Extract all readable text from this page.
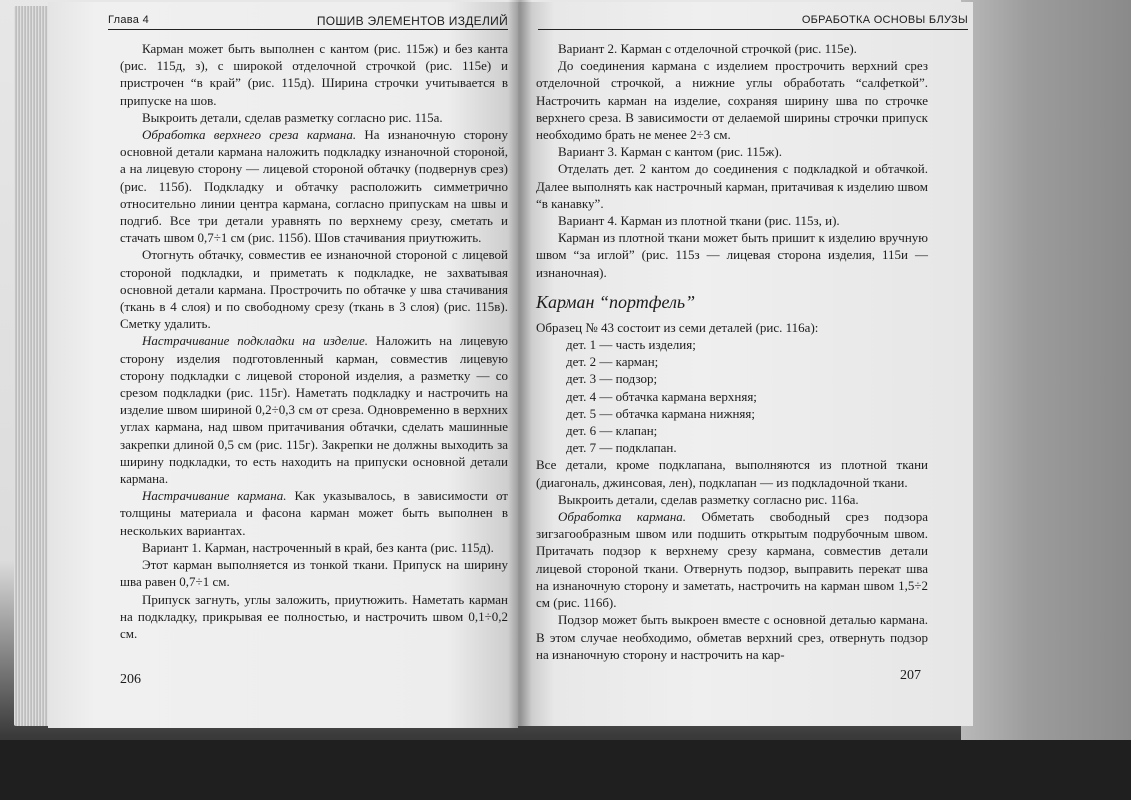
Глава 4	ПОШИВ ЭЛЕМЕНТОВ ИЗДЕЛИЙ

Карман может быть выполнен с кантом (рис. 115ж) и без канта (рис. 115д, з), с широкой отделочной строчкой (рис. 115е) и пристрочен “в край” (рис. 115д). Ширина строчки учитывается в припуске на шов.

Выкроить детали, сделав разметку согласно рис. 115а.

Обработка верхнего среза кармана. На изнаночную сторону основной детали кармана наложить подкладку изнаночной стороной, а на лицевую сторону — лицевой стороной обтачку (подвернув срез) (рис. 115б). Подкладку и обтачку расположить симметрично относительно линии центра кармана, согласно припускам на швы и подгиб. Все три детали уравнять по верхнему срезу, сметать и стачать швом 0,7÷1 см (рис. 115б). Шов стачивания приутюжить.

Отогнуть обтачку, совместив ее изнаночной стороной с лицевой стороной подкладки, и приметать к подкладке, не захватывая основной детали кармана. Прострочить по обтачке у шва стачивания (ткань в 4 слоя) и по свободному срезу (ткань в 3 слоя) (рис. 115в). Сметку удалить.

Настрачивание подкладки на изделие. Наложить на лицевую сторону изделия подготовленный карман, совместив лицевую сторону подкладки с лицевой стороной изделия, а разметку — со срезом подкладки (рис. 115г). Наметать подкладку и настрочить на изделие швом шириной 0,2÷0,3 см от среза. Одновременно в верхних углах кармана, над швом притачивания обтачки, сделать машинные закрепки длиной 0,5 см (рис. 115г). Закрепки не должны выходить за ширину подкладки, то есть находить на припуски основной детали кармана.

Настрачивание кармана. Как указывалось, в зависимости от толщины материала и фасона карман может быть выполнен в нескольких вариантах.

Вариант 1. Карман, настроченный в край, без канта (рис. 115д).

Этот карман выполняется из тонкой ткани. Припуск на ширину шва равен 0,7÷1 см.

Припуск загнуть, углы заложить, приутюжить. Наметать карман на подкладку, прикрывая ее полностью, и настрочить швом 0,1÷0,2 см.

206
ОБРАБОТКА ОСНОВЫ БЛУЗЫ

Вариант 2. Карман с отделочной строчкой (рис. 115е).

До соединения кармана с изделием прострочить верхний срез отделочной строчкой, а нижние углы обработать “салфеткой”. Настрочить карман на изделие, сохраняя ширину шва по строчке верхнего среза. В зависимости от делаемой ширины строчки припуск необходимо брать не менее 2÷3 см.

Вариант 3. Карман с кантом (рис. 115ж).

Отделать дет. 2 кантом до соединения с подкладкой и обтачкой. Далее выполнять как настрочный карман, притачивая к изделию швом “в канавку”.

Вариант 4. Карман из плотной ткани (рис. 115з, и).

Карман из плотной ткани может быть пришит к изделию вручную швом “за иглой” (рис. 115з — лицевая сторона изделия, 115и — изнаночная).

Карман “портфель”

Образец № 43 состоит из семи деталей (рис. 116а):

дет. 1 — часть изделия;

дет. 2 — карман;

дет. 3 — подзор;

дет. 4 — обтачка кармана верхняя;

дет. 5 — обтачка кармана нижняя;

дет. 6 — клапан;

дет. 7 — подклапан.

Все детали, кроме подклапана, выполняются из плотной ткани (диагональ, джинсовая, лен), подклапан — из подкладочной ткани.

Выкроить детали, сделав разметку согласно рис. 116а.

Обработка кармана. Обметать свободный срез подзора зигзагообразным швом или подшить открытым подрубочным швом. Притачать подзор к верхнему срезу кармана, совместив детали лицевой стороной ткани. Отвернуть подзор, выправить перекат шва на изнаночную сторону и заметать, настрочить на карман швом 1,5÷2 см (рис. 116б).

Подзор может быть выкроен вместе с основной деталью кармана. В этом случае необходимо, обметав верхний срез, отвернуть подзор на изнаночную сторону и настрочить на кар-

207
